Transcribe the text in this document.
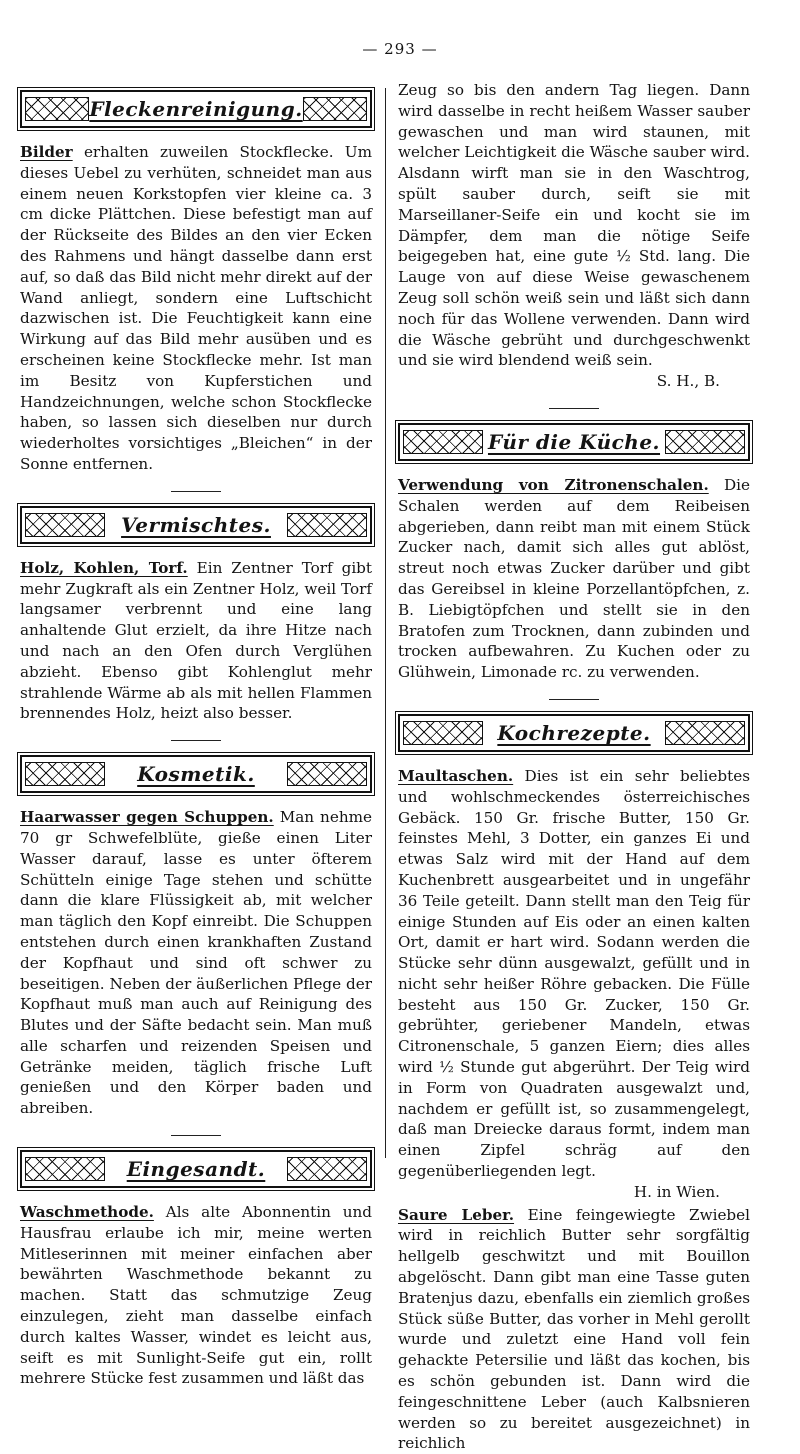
— 293 —
Fleckenreinigung.

Bilder erhalten zuweilen Stockflecke. Um dieses Uebel zu verhüten, schneidet man aus einem neuen Korkstopfen vier kleine ca. 3 cm dicke Plättchen. Diese befestigt man auf der Rückseite des Bildes an den vier Ecken des Rahmens und hängt dasselbe dann erst auf, so daß das Bild nicht mehr direkt auf der Wand anliegt, sondern eine Luftschicht dazwischen ist. Die Feuchtigkeit kann eine Wirkung auf das Bild mehr ausüben und es erscheinen keine Stockflecke mehr. Ist man im Besitz von Kupferstichen und Handzeichnungen, welche schon Stockflecke haben, so lassen sich dieselben nur durch wiederholtes vorsichtiges „Bleichen“ in der Sonne entfernen.

Vermischtes.

Holz, Kohlen, Torf. Ein Zentner Torf gibt mehr Zugkraft als ein Zentner Holz, weil Torf langsamer verbrennt und eine lang anhaltende Glut erzielt, da ihre Hitze nach und nach an den Ofen durch Verglühen abzieht. Ebenso gibt Kohlenglut mehr strahlende Wärme ab als mit hellen Flammen brennendes Holz, heizt also besser.

Kosmetik.

Haarwasser gegen Schuppen. Man nehme 70 gr Schwefelblüte, gieße einen Liter Wasser darauf, lasse es unter öfterem Schütteln einige Tage stehen und schütte dann die klare Flüssigkeit ab, mit welcher man täglich den Kopf einreibt. Die Schuppen entstehen durch einen krankhaften Zustand der Kopfhaut und sind oft schwer zu beseitigen. Neben der äußerlichen Pflege der Kopfhaut muß man auch auf Reinigung des Blutes und der Säfte bedacht sein. Man muß alle scharfen und reizenden Speisen und Getränke meiden, täglich frische Luft genießen und den Körper baden und abreiben.

Eingesandt.

Waschmethode. Als alte Abonnentin und Hausfrau erlaube ich mir, meine werten Mitleserinnen mit meiner einfachen aber bewährten Waschmethode bekannt zu machen. Statt das schmutzige Zeug einzulegen, zieht man dasselbe einfach durch kaltes Wasser, windet es leicht aus, seift es mit Sunlight-Seife gut ein, rollt mehrere Stücke fest zusammen und läßt das

Zeug so bis den andern Tag liegen. Dann wird dasselbe in recht heißem Wasser sauber gewaschen und man wird staunen, mit welcher Leichtigkeit die Wäsche sauber wird. Alsdann wirft man sie in den Waschtrog, spült sauber durch, seift sie mit Marseillaner-Seife ein und kocht sie im Dämpfer, dem man die nötige Seife beigegeben hat, eine gute ½ Std. lang. Die Lauge von auf diese Weise gewaschenem Zeug soll schön weiß sein und läßt sich dann noch für das Wollene verwenden. Dann wird die Wäsche gebrüht und durchgeschwenkt und sie wird blendend weiß sein.
S. H., B.

Für die Küche.

Verwendung von Zitronenschalen. Die Schalen werden auf dem Reibeisen abgerieben, dann reibt man mit einem Stück Zucker nach, damit sich alles gut ablöst, streut noch etwas Zucker darüber und gibt das Gereibsel in kleine Porzellantöpfchen, z. B. Liebigtöpfchen und stellt sie in den Bratofen zum Trocknen, dann zubinden und trocken aufbewahren. Zu Kuchen oder zu Glühwein, Limonade rc. zu verwenden.

Kochrezepte.

Maultaschen. Dies ist ein sehr beliebtes und wohlschmeckendes österreichisches Gebäck. 150 Gr. frische Butter, 150 Gr. feinstes Mehl, 3 Dotter, ein ganzes Ei und etwas Salz wird mit der Hand auf dem Kuchenbrett ausgearbeitet und in ungefähr 36 Teile geteilt. Dann stellt man den Teig für einige Stunden auf Eis oder an einen kalten Ort, damit er hart wird. Sodann werden die Stücke sehr dünn ausgewalzt, gefüllt und in nicht sehr heißer Röhre gebacken. Die Fülle besteht aus 150 Gr. Zucker, 150 Gr. gebrühter, geriebener Mandeln, etwas Citronenschale, 5 ganzen Eiern; dies alles wird ½ Stunde gut abgerührt. Der Teig wird in Form von Quadraten ausgewalzt und, nachdem er gefüllt ist, so zusammengelegt, daß man Dreiecke daraus formt, indem man einen Zipfel schräg auf den gegenüberliegenden legt.
H. in Wien.

Saure Leber. Eine feingewiegte Zwiebel wird in reichlich Butter sehr sorgfältig hellgelb geschwitzt und mit Bouillon abgelöscht. Dann gibt man eine Tasse guten Bratenjus dazu, ebenfalls ein ziemlich großes Stück süße Butter, das vorher in Mehl gerollt wurde und zuletzt eine Hand voll fein gehackte Petersilie und läßt das kochen, bis es schön gebunden ist. Dann wird die feingeschnittene Leber (auch Kalbsnieren werden so zu bereitet ausgezeichnet) in reichlich
